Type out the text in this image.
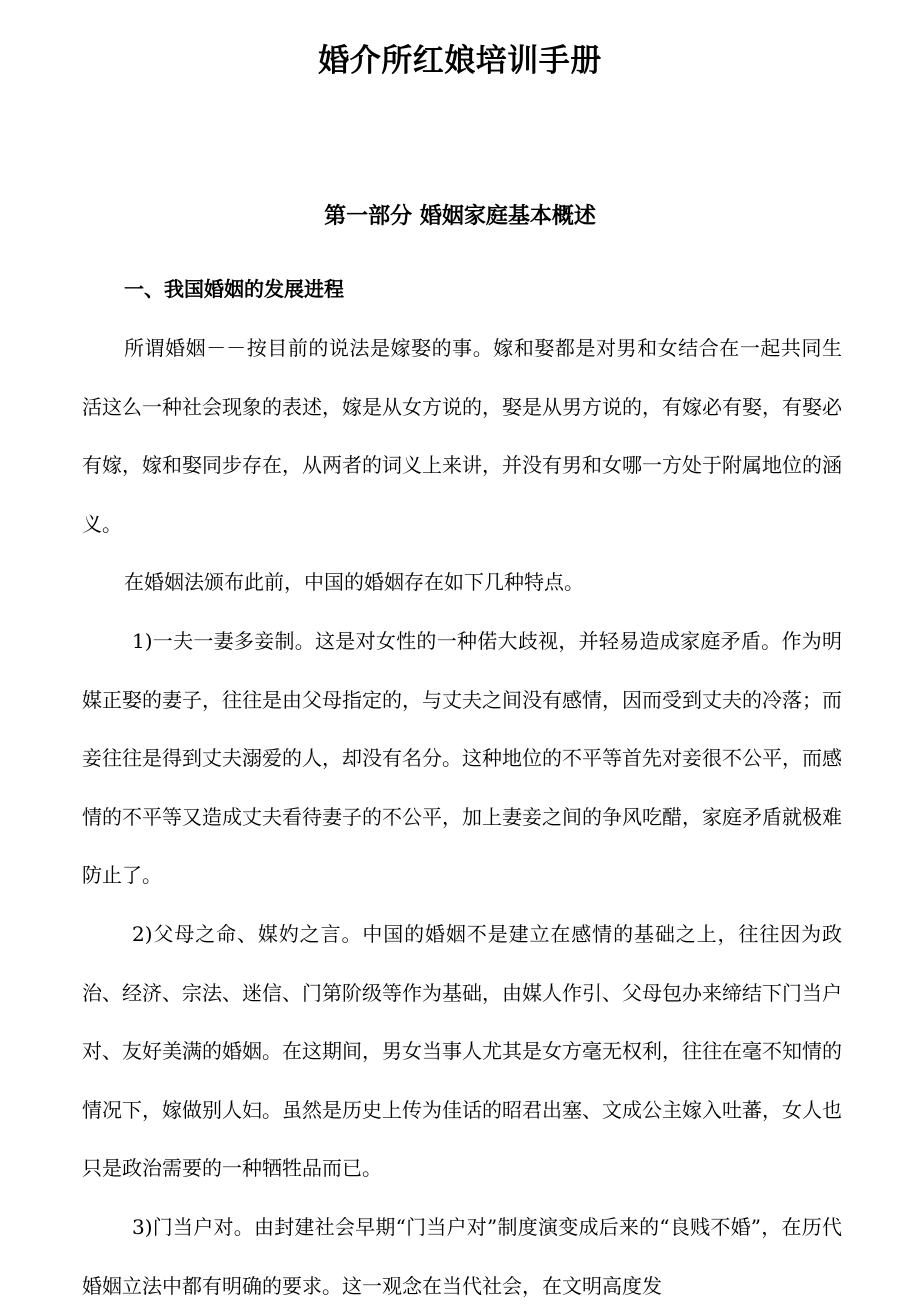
婚介所红娘培训手册
第一部分 婚姻家庭基本概述
一、我国婚姻的发展进程

所谓婚姻－－按目前的说法是嫁娶的事。嫁和娶都是对男和女结合在一起共同生活这么一种社会现象的表述，嫁是从女方说的，娶是从男方说的，有嫁必有娶，有娶必有嫁，嫁和娶同步存在，从两者的词义上来讲，并没有男和女哪一方处于附属地位的涵义。

在婚姻法颁布此前，中国的婚姻存在如下几种特点。

1)一夫一妻多妾制。这是对女性的一种偌大歧视，并轻易造成家庭矛盾。作为明媒正娶的妻子，往往是由父母指定的，与丈夫之间没有感情，因而受到丈夫的冷落；而妾往往是得到丈夫溺爱的人，却没有名分。这种地位的不平等首先对妾很不公平，而感情的不平等又造成丈夫看待妻子的不公平，加上妻妾之间的争风吃醋，家庭矛盾就极难防止了。

2)父母之命、媒妁之言。中国的婚姻不是建立在感情的基础之上，往往因为政治、经济、宗法、迷信、门第阶级等作为基础，由媒人作引、父母包办来缔结下门当户对、友好美满的婚姻。在这期间，男女当事人尤其是女方毫无权利，往往在毫不知情的情况下，嫁做别人妇。虽然是历史上传为佳话的昭君出塞、文成公主嫁入吐蕃，女人也只是政治需要的一种牺牲品而已。

3)门当户对。由封建社会早期“门当户对”制度演变成后来的“良贱不婚”，在历代婚姻立法中都有明确的要求。这一观念在当代社会，在文明高度发
